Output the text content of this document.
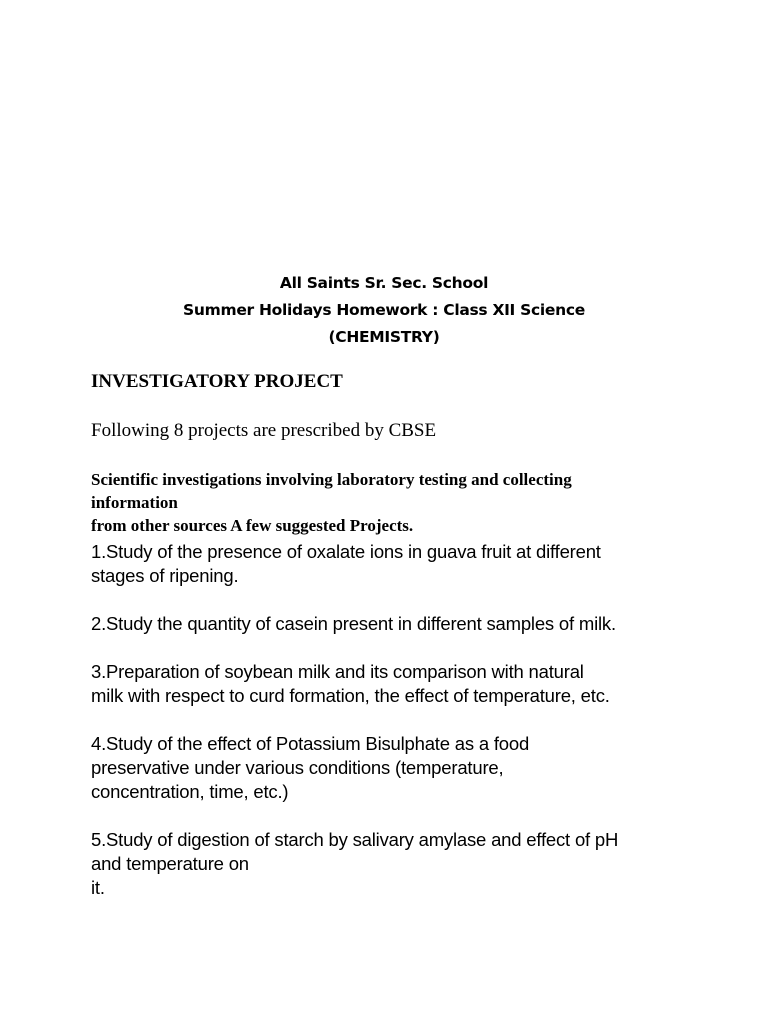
All Saints Sr. Sec. School
Summer Holidays Homework : Class XII Science
(CHEMISTRY)
INVESTIGATORY PROJECT
Following 8 projects are prescribed by CBSE
Scientific investigations involving laboratory testing and collecting
information
from other sources A few suggested Projects.
1.Study of the presence of oxalate ions in guava fruit at different
stages of ripening.
2.Study the quantity of casein present in different samples of milk.
3.Preparation of soybean milk and its comparison with natural
milk with respect to curd formation, the effect of temperature, etc.
4.Study of the effect of Potassium Bisulphate as a food
preservative under various conditions (temperature,
concentration, time, etc.)
5.Study of digestion of starch by salivary amylase and effect of pH
and temperature on
it.
